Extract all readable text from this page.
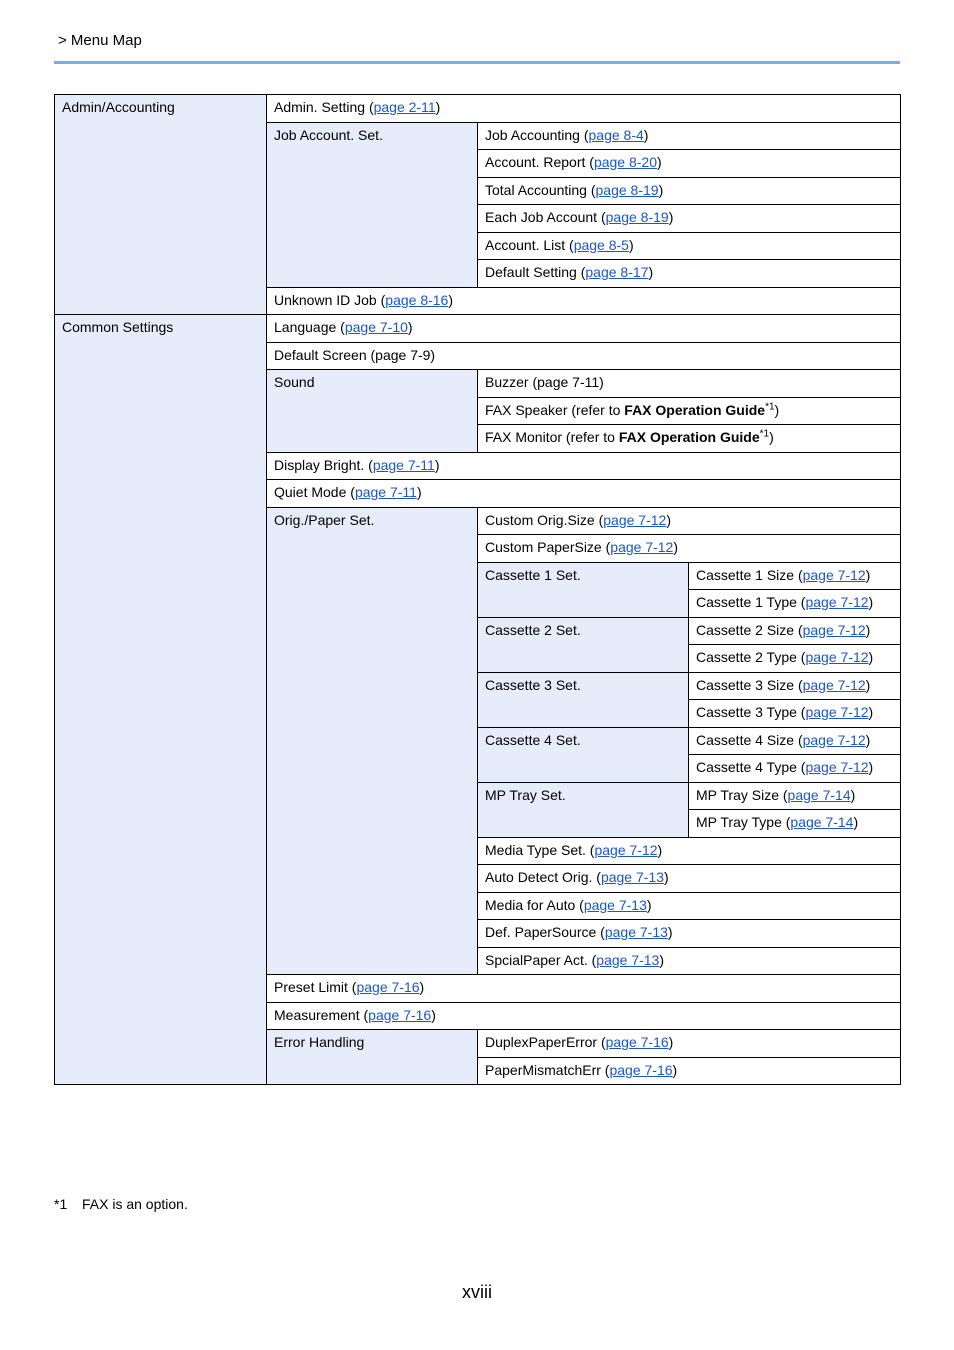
> Menu Map
Admin/Accounting	Admin. Setting (page 2-11)		
	Job Account. Set.	Job Accounting (page 8-4)	
		Account. Report (page 8-20)	
		Total Accounting (page 8-19)	
		Each Job Account (page 8-19)	
		Account. List (page 8-5)	
		Default Setting (page 8-17)	
	Unknown ID Job (page 8-16)		
Common Settings	Language (page 7-10)		
	Default Screen (page 7-9)		
	Sound	Buzzer (page 7-11)	
		FAX Speaker (refer to FAX Operation Guide$^{*1}$)	
		FAX Monitor (refer to FAX Operation Guide$^{*1}$)	
	Display Bright. (page 7-11)		
	Quiet Mode (page 7-11)		
	Orig./Paper Set.	Custom Orig.Size (page 7-12)	
		Custom PaperSize (page 7-12)	
		Cassette 1 Set.	Cassette 1 Size (page 7-12)
			Cassette 1 Type (page 7-12)
		Cassette 2 Set.	Cassette 2 Size (page 7-12)
			Cassette 2 Type (page 7-12)
		Cassette 3 Set.	Cassette 3 Size (page 7-12)
			Cassette 3 Type (page 7-12)
		Cassette 4 Set.	Cassette 4 Size (page 7-12)
			Cassette 4 Type (page 7-12)
		MP Tray Set.	MP Tray Size (page 7-14)
			MP Tray Type (page 7-14)
		Media Type Set. (page 7-12)	
		Auto Detect Orig. (page 7-13)	
		Media for Auto (page 7-13)	
		Def. PaperSource (page 7-13)	
		SpcialPaper Act. (page 7-13)	
	Preset Limit (page 7-16)		
	Measurement (page 7-16)		
	Error Handling	DuplexPaperError (page 7-16)	
		PaperMismatchErr (page 7-16)	
*1 FAX is an option.
xviii
